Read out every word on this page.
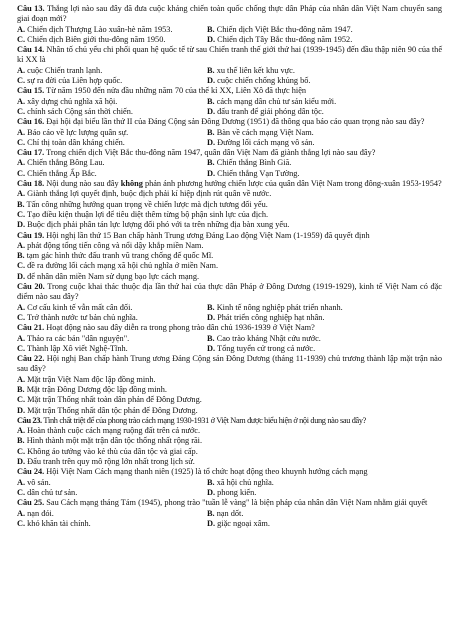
Câu 13. Thắng lợi nào sau đây đã đưa cuộc kháng chiến toàn quốc chống thực dân Pháp của nhân dân Việt Nam chuyển sang giai đoạn mới?
A. Chiến dịch Thượng Lào xuân-hè năm 1953.	B. Chiến dịch Việt Bắc thu-đông năm 1947.
C. Chiến dịch Biên giới thu-đông năm 1950.	D. Chiến dịch Tây Bắc thu-đông năm 1952.
Câu 14. Nhân tố chủ yếu chi phối quan hệ quốc tế từ sau Chiến tranh thế giới thứ hai (1939-1945) đến đầu thập niên 90 của thế kỉ XX là
A. cuộc Chiến tranh lạnh.	B. xu thế liên kết khu vực.
C. sự ra đời của Liên hợp quốc.	D. cuộc chiến chống khủng bố.
Câu 15. Từ năm 1950 đến nửa đầu những năm 70 của thế kỉ XX, Liên Xô đã thực hiện
A. xây dựng chủ nghĩa xã hội.	B. cách mạng dân chủ tư sản kiểu mới.
C. chính sách Cộng sản thời chiến.	D. đấu tranh để giải phóng dân tộc.
Câu 16. Đại hội đại biểu lần thứ II của Đảng Cộng sản Đông Dương (1951) đã thông qua báo cáo quan trọng nào sau đây?
A. Báo cáo về lực lượng quân sự.	B. Bàn về cách mạng Việt Nam.
C. Chỉ thị toàn dân kháng chiến.	D. Đường lối cách mạng vô sản.
Câu 17. Trong chiến dịch Việt Bắc thu-đông năm 1947, quân dân Việt Nam đã giành thắng lợi nào sau đây?
A. Chiến thắng Bông Lau.	B. Chiến thắng Bình Giã.
C. Chiến thắng Ấp Bắc.	D. Chiến thắng Vạn Tường.
Câu 18. Nội dung nào sau đây không phản ánh phương hướng chiến lược của quân dân Việt Nam trong đông-xuân 1953-1954?
A. Giành thắng lợi quyết định, buộc địch phải kí hiệp định rút quân về nước.
B. Tấn công những hướng quan trọng về chiến lược mà địch tương đối yếu.
C. Tạo điều kiện thuận lợi để tiêu diệt thêm từng bộ phận sinh lực của địch.
D. Buộc địch phải phân tán lực lượng đối phó với ta trên những địa bàn xung yếu.
Câu 19. Hội nghị lần thứ 15 Ban chấp hành Trung ương Đảng Lao động Việt Nam (1-1959) đã quyết định
A. phát động tổng tiến công và nổi dậy khắp miền Nam.
B. tạm gác hình thức đấu tranh vũ trang chống đế quốc Mĩ.
C. đề ra đường lối cách mạng xã hội chủ nghĩa ở miền Nam.
D. để nhân dân miền Nam sử dụng bạo lực cách mạng.
Câu 20. Trong cuộc khai thác thuộc địa lần thứ hai của thực dân Pháp ở Đông Dương (1919-1929), kinh tế Việt Nam có đặc điểm nào sau đây?
A. Cơ cấu kinh tế vẫn mất cân đối.	B. Kinh tế nông nghiệp phát triển nhanh.
C. Trở thành nước tư bản chủ nghĩa.	D. Phát triển công nghiệp hạt nhân.
Câu 21. Hoạt động nào sau đây diễn ra trong phong trào dân chủ 1936-1939 ở Việt Nam?
A. Thảo ra các bản "dân nguyện".	B. Cao trào kháng Nhật cứu nước.
C. Thành lập Xô viết Nghệ-Tĩnh.	D. Tổng tuyển cử trong cả nước.
Câu 22. Hội nghị Ban chấp hành Trung ương Đảng Cộng sản Đông Dương (tháng 11-1939) chủ trương thành lập mặt trận nào sau đây?
A. Mặt trận Việt Nam độc lập đồng minh.
B. Mặt trận Đông Dương độc lập đồng minh.
C. Mặt trận Thống nhất toàn dân phản đế Đông Dương.
D. Mặt trận Thống nhất dân tộc phản đế Đông Dương.
Câu 23. Tình chất triệt để của phong trào cách mạng 1930-1931 ở Việt Nam được biểu hiện ở nội dung nào sau đây?
A. Hoàn thành cuộc cách mạng ruộng đất trên cả nước.
B. Hình thành một mặt trận dân tộc thống nhất rộng rãi.
C. Không ảo tưởng vào kẻ thù của dân tộc và giai cấp.
D. Đấu tranh trên quy mô rộng lớn nhất trong lịch sử.
Câu 24. Hội Việt Nam Cách mạng thanh niên (1925) là tổ chức hoạt động theo khuynh hướng cách mạng
A. vô sản.	B. xã hội chủ nghĩa.
C. dân chủ tư sản.	D. phong kiến.
Câu 25. Sau Cách mạng tháng Tám (1945), phong trào "tuần lễ vàng" là biện pháp của nhân dân Việt Nam nhằm giải quyết
A. nạn đói.	B. nạn dốt.
C. khó khăn tài chính.	D. giặc ngoại xâm.
